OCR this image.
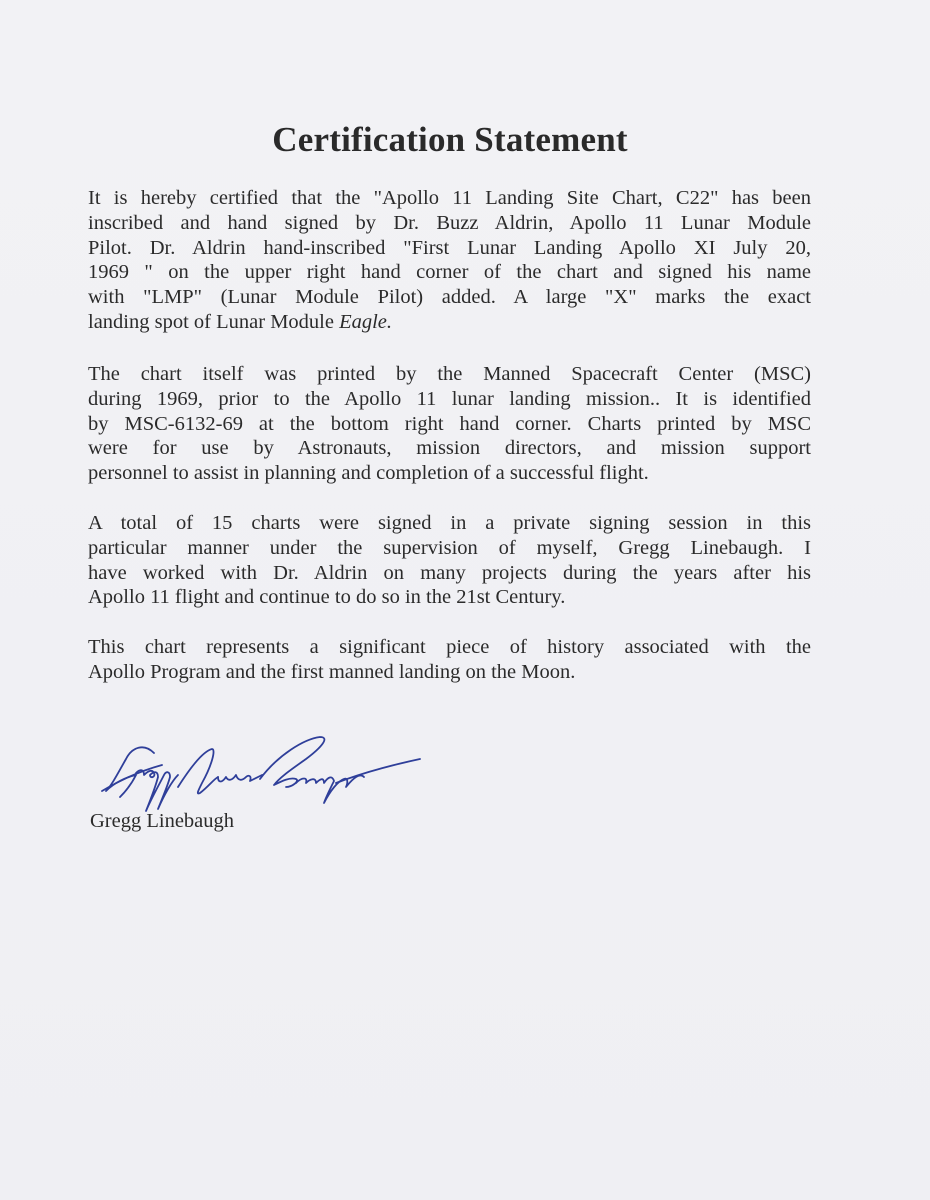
Certification Statement
It is hereby certified that the "Apollo 11 Landing Site Chart, C22" has been
inscribed and hand signed by Dr. Buzz Aldrin, Apollo 11 Lunar Module
Pilot. Dr. Aldrin hand-inscribed "First Lunar Landing Apollo XI July 20,
1969 " on the upper right hand corner of the chart and signed his name
with "LMP" (Lunar Module Pilot) added. A large "X" marks the exact
landing spot of Lunar Module Eagle.
The chart itself was printed by the Manned Spacecraft Center (MSC)
during 1969, prior to the Apollo 11 lunar landing mission.. It is identified
by MSC-6132-69 at the bottom right hand corner. Charts printed by MSC
were for use by Astronauts, mission directors, and mission support
personnel to assist in planning and completion of a successful flight.
A total of 15 charts were signed in a private signing session in this
particular manner under the supervision of myself, Gregg Linebaugh. I
have worked with Dr. Aldrin on many projects during the years after his
Apollo 11 flight and continue to do so in the 21st Century.
This chart represents a significant piece of history associated with the
Apollo Program and the first manned landing on the Moon.
Gregg Linebaugh
